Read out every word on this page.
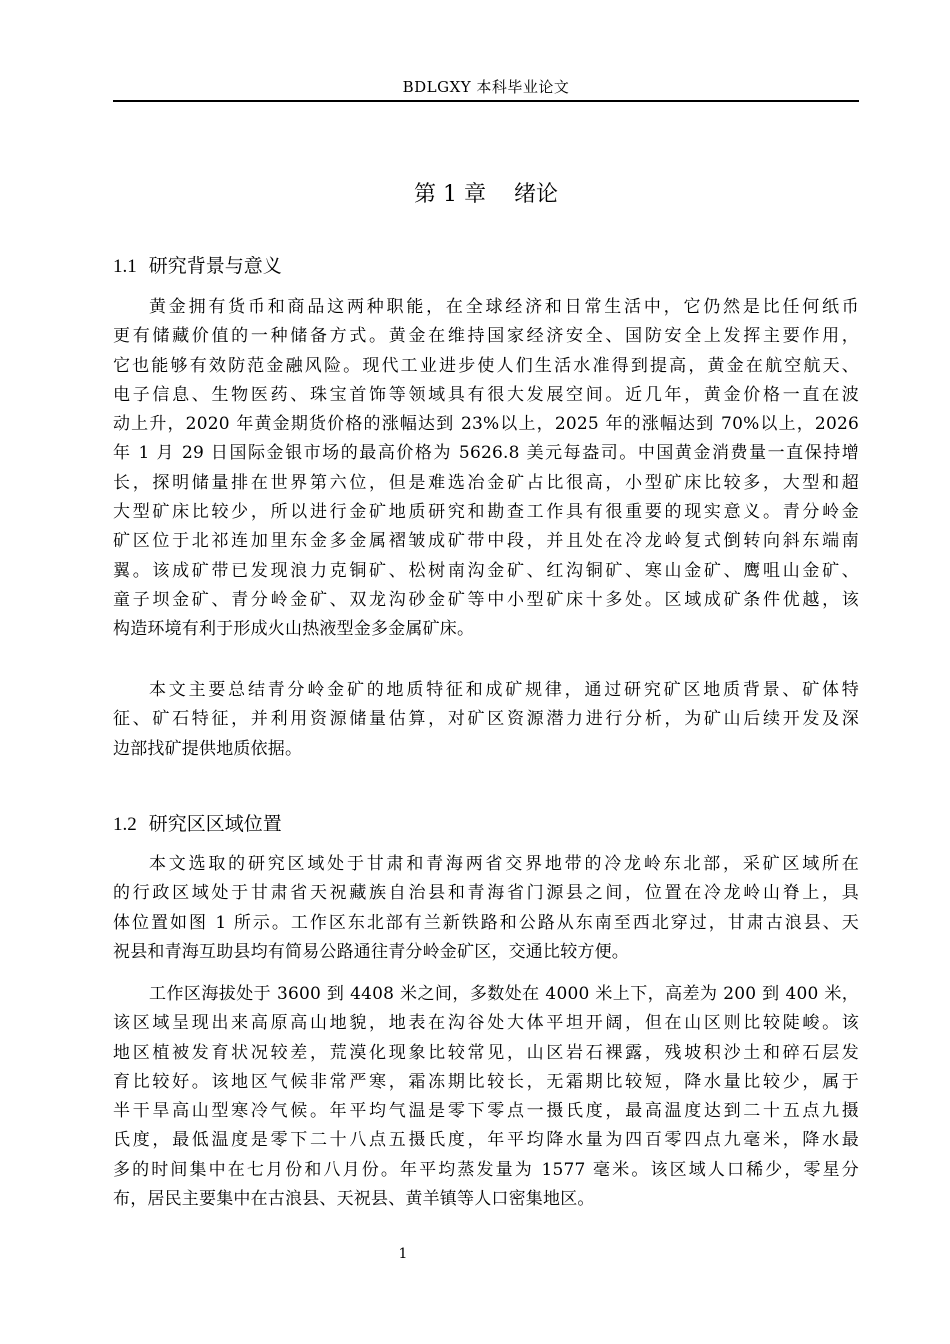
BDLGXY 本科毕业论文
第 1 章    绪论
1.1 研究背景与意义
黄金拥有货币和商品这两种职能，在全球经济和日常生活中，它仍然是比任何纸币
更有储藏价值的一种储备方式。黄金在维持国家经济安全、国防安全上发挥主要作用，
它也能够有效防范金融风险。现代工业进步使人们生活水准得到提高，黄金在航空航天、
电子信息、生物医药、珠宝首饰等领域具有很大发展空间。近几年，黄金价格一直在波
动上升，2020 年黄金期货价格的涨幅达到 23%以上，2025 年的涨幅达到 70%以上，2026
年 1 月 29 日国际金银市场的最高价格为 5626.8 美元每盎司。中国黄金消费量一直保持增
长，探明储量排在世界第六位，但是难选冶金矿占比很高，小型矿床比较多，大型和超
大型矿床比较少，所以进行金矿地质研究和勘查工作具有很重要的现实意义。青分岭金
矿区位于北祁连加里东金多金属褶皱成矿带中段，并且处在冷龙岭复式倒转向斜东端南
翼。该成矿带已发现浪力克铜矿、松树南沟金矿、红沟铜矿、寒山金矿、鹰咀山金矿、
童子坝金矿、青分岭金矿、双龙沟砂金矿等中小型矿床十多处。区域成矿条件优越，该
构造环境有利于形成火山热液型金多金属矿床。
本文主要总结青分岭金矿的地质特征和成矿规律，通过研究矿区地质背景、矿体特
征、矿石特征，并利用资源储量估算，对矿区资源潜力进行分析，为矿山后续开发及深
边部找矿提供地质依据。
1.2 研究区区域位置
本文选取的研究区域处于甘肃和青海两省交界地带的冷龙岭东北部，采矿区域所在
的行政区域处于甘肃省天祝藏族自治县和青海省门源县之间，位置在冷龙岭山脊上，具
体位置如图 1 所示。工作区东北部有兰新铁路和公路从东南至西北穿过，甘肃古浪县、天
祝县和青海互助县均有简易公路通往青分岭金矿区，交通比较方便。
工作区海拔处于 3600 到 4408 米之间，多数处在 4000 米上下，高差为 200 到 400 米，
该区域呈现出来高原高山地貌，地表在沟谷处大体平坦开阔，但在山区则比较陡峻。该
地区植被发育状况较差，荒漠化现象比较常见，山区岩石裸露，残坡积沙土和碎石层发
育比较好。该地区气候非常严寒，霜冻期比较长，无霜期比较短，降水量比较少，属于
半干旱高山型寒冷气候。年平均气温是零下零点一摄氏度，最高温度达到二十五点九摄
氏度，最低温度是零下二十八点五摄氏度，年平均降水量为四百零四点九毫米，降水最
多的时间集中在七月份和八月份。年平均蒸发量为 1577 毫米。该区域人口稀少，零星分
布，居民主要集中在古浪县、天祝县、黄羊镇等人口密集地区。
1
